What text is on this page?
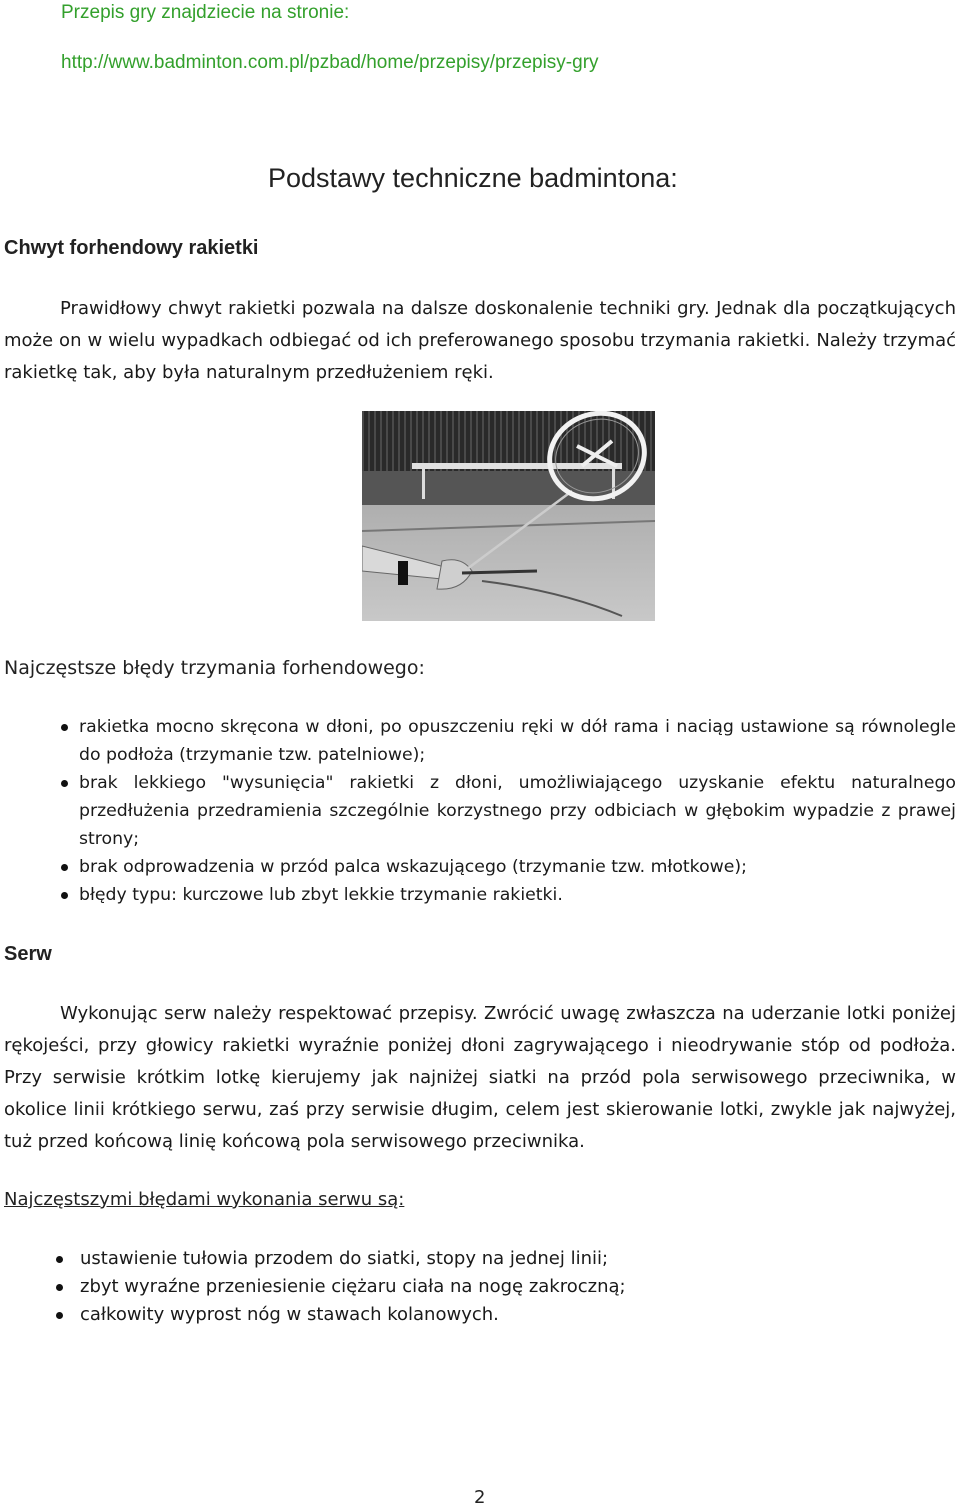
Przepis gry znajdziecie na stronie:
http://www.badminton.com.pl/pzbad/home/przepisy/przepisy-gry
Podstawy techniczne badmintona:
Chwyt forhendowy rakietki
Prawidłowy chwyt rakietki pozwala na dalsze doskonalenie techniki gry. Jednak dla początkujących może on w wielu wypadkach odbiegać od ich preferowanego sposobu trzymania rakietki. Należy trzymać rakietkę tak, aby była naturalnym przedłużeniem ręki.
Najczęstsze błędy trzymania forhendowego:
rakietka mocno skręcona w dłoni, po opuszczeniu ręki w dół rama i naciąg ustawione są równolegle do podłoża (trzymanie tzw. patelniowe);
brak lekkiego "wysunięcia" rakietki z dłoni, umożliwiającego uzyskanie efektu naturalnego przedłużenia przedramienia szczególnie korzystnego przy odbiciach w głębokim wypadzie z prawej strony;
brak odprowadzenia w przód palca wskazującego (trzymanie tzw. młotkowe);
błędy typu: kurczowe lub zbyt lekkie trzymanie rakietki.
Serw
Wykonując serw należy respektować przepisy. Zwrócić uwagę zwłaszcza na uderzanie lotki poniżej rękojeści, przy głowicy rakietki wyraźnie poniżej dłoni zagrywającego i nieodrywanie stóp od podłoża. Przy serwisie krótkim lotkę kierujemy jak najniżej siatki na przód pola serwisowego przeciwnika, w okolice linii krótkiego serwu, zaś przy serwisie długim, celem jest skierowanie lotki, zwykle jak najwyżej, tuż przed końcową linię końcową pola serwisowego przeciwnika.
Najczęstszymi błędami wykonania serwu są:
ustawienie tułowia przodem do siatki, stopy na jednej linii;
zbyt wyraźne przeniesienie ciężaru ciała na nogę zakroczną;
całkowity wyprost nóg w stawach kolanowych.
2
